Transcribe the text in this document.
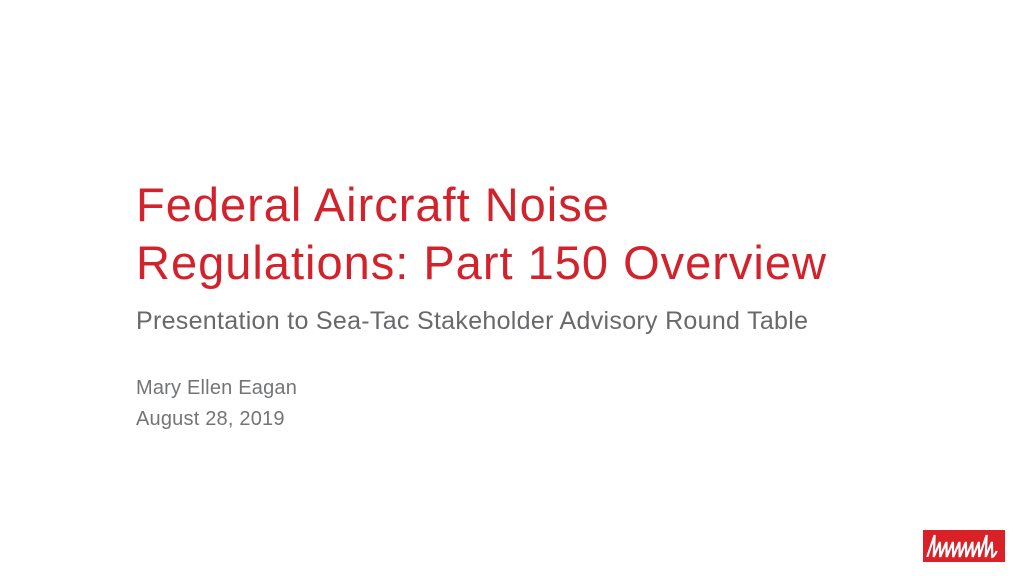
Federal Aircraft Noise
Regulations: Part 150 Overview
Presentation to Sea-Tac Stakeholder Advisory Round Table
Mary Ellen Eagan
August 28, 2019
